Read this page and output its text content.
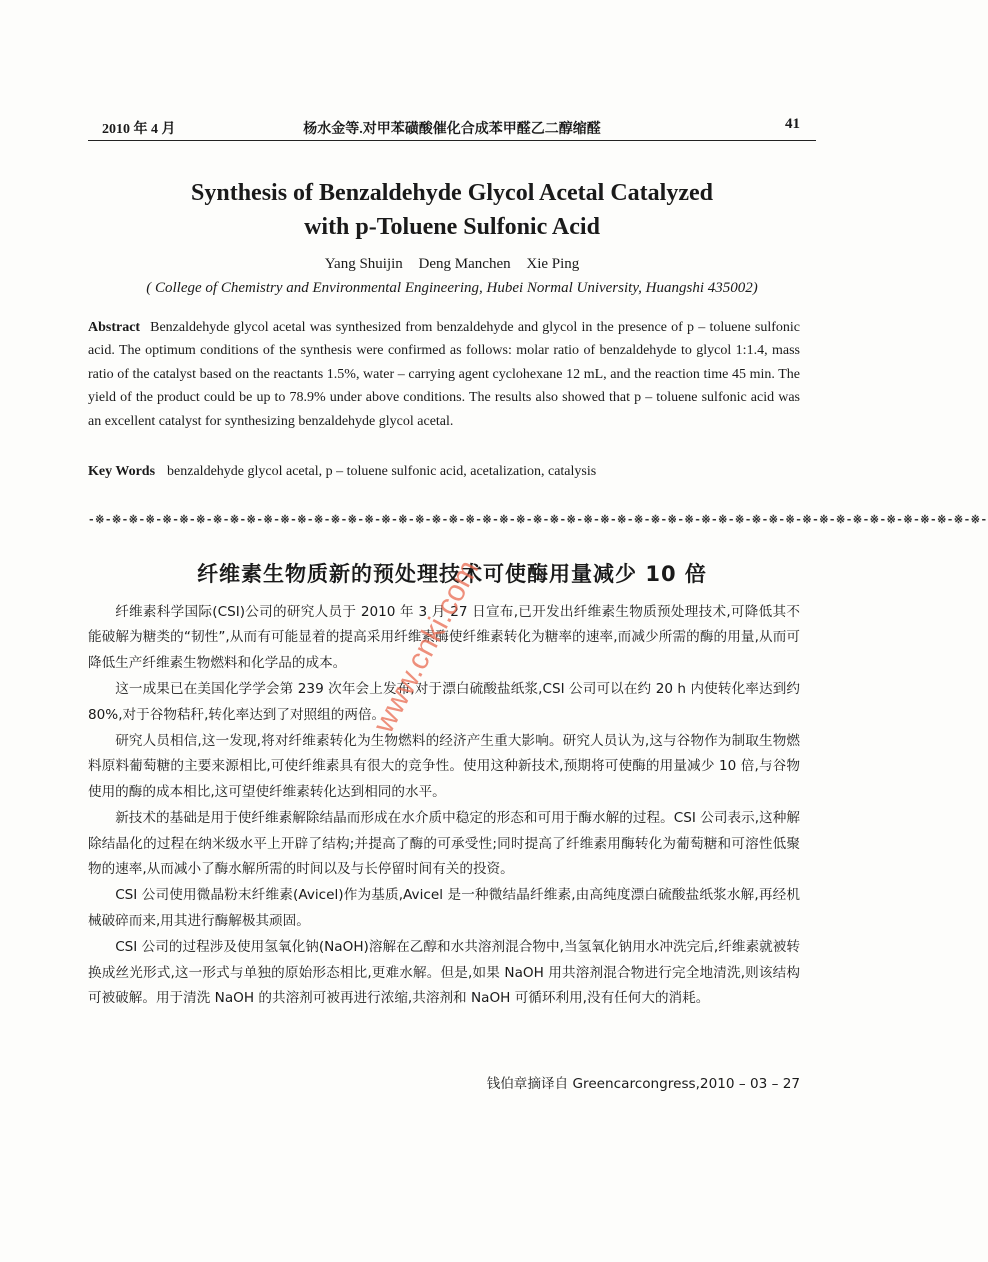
2010 年 4 月	杨水金等.对甲苯磺酸催化合成苯甲醛乙二醇缩醛	41
Synthesis of Benzaldehyde Glycol Acetal Catalyzed
with p-Toluene Sulfonic Acid
Yang Shuijin Deng Manchen Xie Ping
( College of Chemistry and Environmental Engineering, Hubei Normal University, Huangshi 435002)
Abstract Benzaldehyde glycol acetal was synthesized from benzaldehyde and glycol in the presence of p – toluene sulfonic acid. The optimum conditions of the synthesis were confirmed as follows: molar ratio of benzaldehyde to glycol 1:1.4, mass ratio of the catalyst based on the reactants 1.5%, water – carrying agent cyclohexane 12 mL, and the reaction time 45 min. The yield of the product could be up to 78.9% under above conditions. The results also showed that p – toluene sulfonic acid was an excellent catalyst for synthesizing benzaldehyde glycol acetal.
Key Words benzaldehyde glycol acetal, p – toluene sulfonic acid, acetalization, catalysis
-※-※-※-※-※-※-※-※-※-※-※-※-※-※-※-※-※-※-※-※-※-※-※-※-※-※-※-※-※-※-※-※-※-※-※-※-※-※-※-※-※-※-※-※-※-※-※-※-※-※-※-※-※-
纤维素生物质新的预处理技术可使酶用量减少 10 倍

纤维素科学国际(CSI)公司的研究人员于 2010 年 3 月 27 日宣布,已开发出纤维素生物质预处理技术,可降低其不能破解为糖类的“韧性”,从而有可能显着的提高采用纤维素酶使纤维素转化为糖率的速率,而减少所需的酶的用量,从而可降低生产纤维素生物燃料和化学品的成本。

这一成果已在美国化学学会第 239 次年会上发布,对于漂白硫酸盐纸浆,CSI 公司可以在约 20 h 内使转化率达到约 80%,对于谷物秸秆,转化率达到了对照组的两倍。

研究人员相信,这一发现,将对纤维素转化为生物燃料的经济产生重大影响。研究人员认为,这与谷物作为制取生物燃料原料葡萄糖的主要来源相比,可使纤维素具有很大的竞争性。使用这种新技术,预期将可使酶的用量减少 10 倍,与谷物使用的酶的成本相比,这可望使纤维素转化达到相同的水平。

新技术的基础是用于使纤维素解除结晶而形成在水介质中稳定的形态和可用于酶水解的过程。CSI 公司表示,这种解除结晶化的过程在纳米级水平上开辟了结构;并提高了酶的可承受性;同时提高了纤维素用酶转化为葡萄糖和可溶性低聚物的速率,从而减小了酶水解所需的时间以及与长停留时间有关的投资。

CSI 公司使用微晶粉末纤维素(Avicel)作为基质,Avicel 是一种微结晶纤维素,由高纯度漂白硫酸盐纸浆水解,再经机械破碎而来,用其进行酶解极其顽固。

CSI 公司的过程涉及使用氢氧化钠(NaOH)溶解在乙醇和水共溶剂混合物中,当氢氧化钠用水冲洗完后,纤维素就被转换成丝光形式,这一形式与单独的原始形态相比,更难水解。但是,如果 NaOH 用共溶剂混合物进行完全地清洗,则该结构可被破解。用于清洗 NaOH 的共溶剂可被再进行浓缩,共溶剂和 NaOH 可循环利用,没有任何大的消耗。

钱伯章摘译自 Greencarcongress,2010 – 03 – 27
www.cnki.com
